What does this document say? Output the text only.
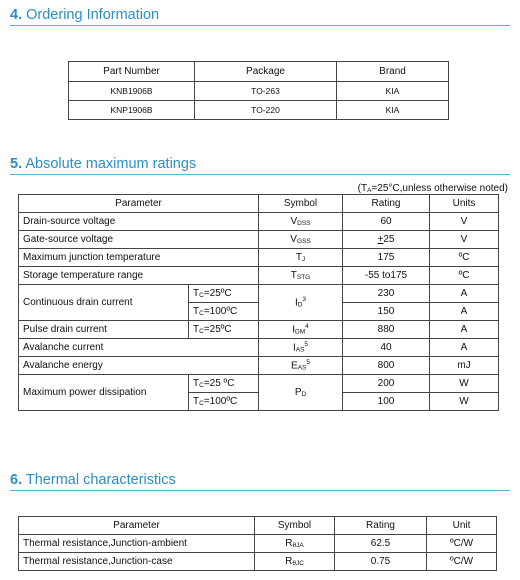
4. Ordering Information
Part Number	Package	Brand
KNB1906B	TO-263	KIA
KNP1906B	TO-220	KIA
5. Absolute maximum ratings
($T_A=25^\circ C,unless$ otherwise noted)
Parameter		Symbol	Rating	Units
Drain-source voltage		$V_{DSS}$	60	V
Gate-source voltage		$V_{GSS}$	+25	V
Maximum junction temperature		$T_J$	175	ºC
Storage temperature range		$T_{STG}$	-55 to175	ºC
Continuous drain current	$T_C=25ºC$	$I_D^3$	230	A
	$T_C=100ºC$		150	A
Pulse drain current	$T_C=25ºC$	$I_{DM}^4$	880	A
Avalanche current		$I_{AS}^5$	40	A
Avalanche energy		$E_{AS}^5$	800	mJ
Maximum power dissipation	$T_C=25$ ºC	$P_D$	200	W
	$T_C=100ºC$		100	W
6. Thermal characteristics
Parameter	Symbol	Rating	Unit
Thermal resistance,Junction-ambient	$R_{\theta JA}$	62.5	ºC/W
Thermal resistance,Junction-case	$R_{\theta JC}$	0.75	ºC/W
